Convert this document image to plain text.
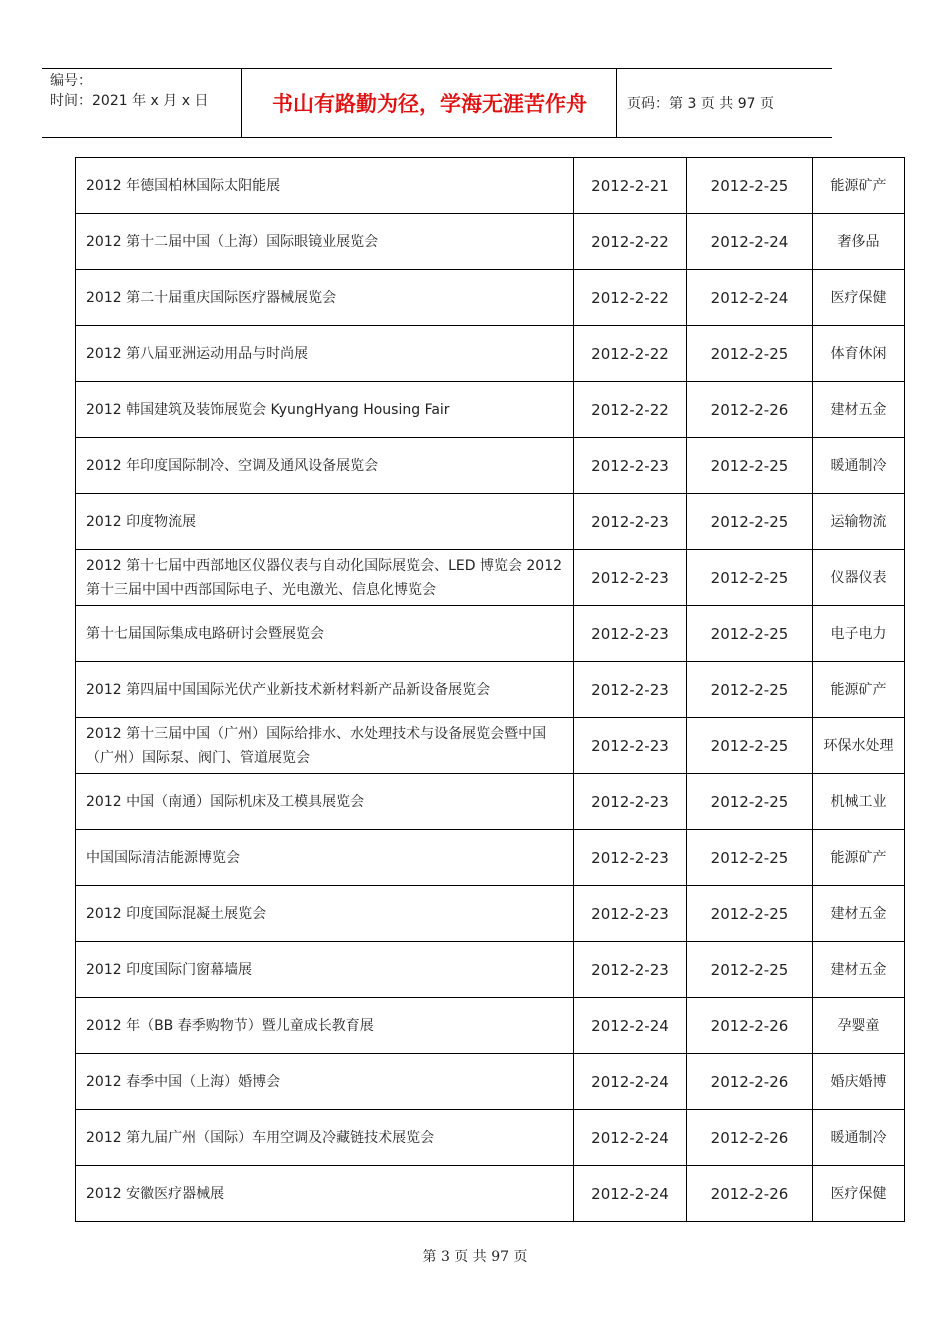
编号：
时间：2021 年 x 月 x 日	书山有路勤为径，学海无涯苦作舟	页码：第 3 页 共 97 页
2012 年德国柏林国际太阳能展	2012-2-21	2012-2-25	能源矿产
2012 第十二届中国（上海）国际眼镜业展览会	2012-2-22	2012-2-24	奢侈品
2012 第二十届重庆国际医疗器械展览会	2012-2-22	2012-2-24	医疗保健
2012 第八届亚洲运动用品与时尚展	2012-2-22	2012-2-25	体育休闲
2012 韩国建筑及装饰展览会 KyungHyang Housing Fair	2012-2-22	2012-2-26	建材五金
2012 年印度国际制冷、空调及通风设备展览会	2012-2-23	2012-2-25	暖通制冷
2012 印度物流展	2012-2-23	2012-2-25	运输物流
2012 第十七届中西部地区仪器仪表与自动化国际展览会、LED 博览会 2012 第十三届中国中西部国际电子、光电激光、信息化博览会	2012-2-23	2012-2-25	仪器仪表
第十七届国际集成电路研讨会暨展览会	2012-2-23	2012-2-25	电子电力
2012 第四届中国国际光伏产业新技术新材料新产品新设备展览会	2012-2-23	2012-2-25	能源矿产
2012 第十三届中国（广州）国际给排水、水处理技术与设备展览会暨中国（广州）国际泵、阀门、管道展览会	2012-2-23	2012-2-25	环保水处理
2012 中国（南通）国际机床及工模具展览会	2012-2-23	2012-2-25	机械工业
中国国际清洁能源博览会	2012-2-23	2012-2-25	能源矿产
2012 印度国际混凝土展览会	2012-2-23	2012-2-25	建材五金
2012 印度国际门窗幕墙展	2012-2-23	2012-2-25	建材五金
2012 年（BB 春季购物节）暨儿童成长教育展	2012-2-24	2012-2-26	孕婴童
2012 春季中国（上海）婚博会	2012-2-24	2012-2-26	婚庆婚博
2012 第九届广州（国际）车用空调及冷藏链技术展览会	2012-2-24	2012-2-26	暖通制冷
2012 安徽医疗器械展	2012-2-24	2012-2-26	医疗保健
第 3 页 共 97 页
